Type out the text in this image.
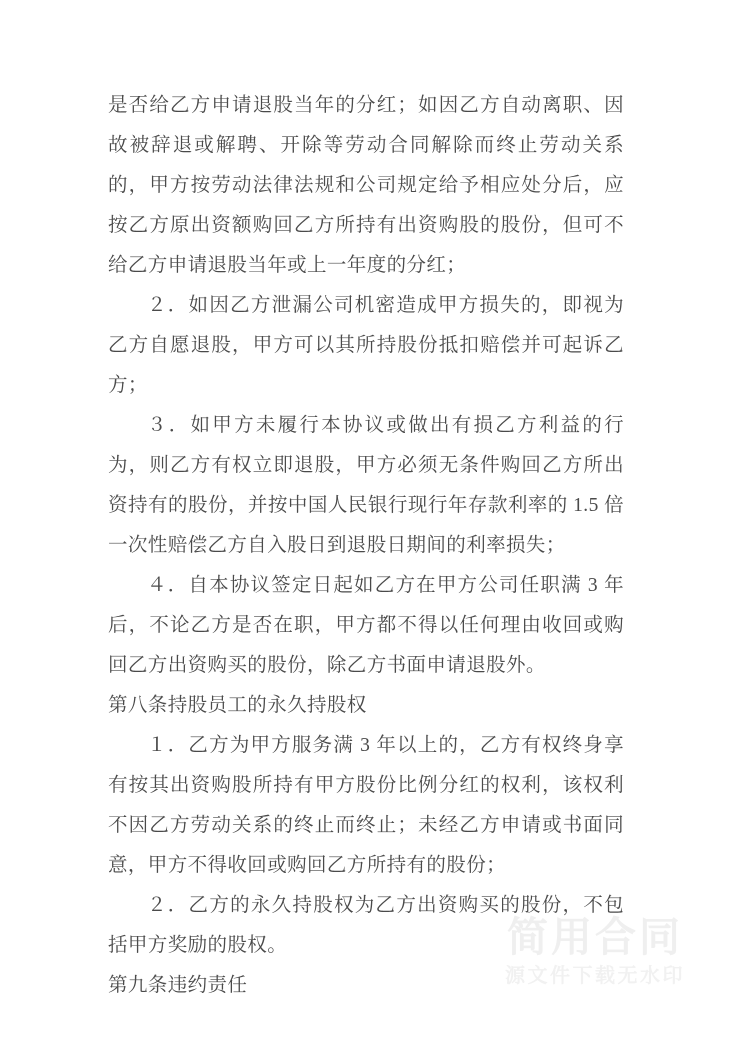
是否给乙方申请退股当年的分红；如因乙方自动离职、因故被辞退或解聘、开除等劳动合同解除而终止劳动关系的，甲方按劳动法律法规和公司规定给予相应处分后，应按乙方原出资额购回乙方所持有出资购股的股份，但可不给乙方申请退股当年或上一年度的分红；

２．如因乙方泄漏公司机密造成甲方损失的，即视为乙方自愿退股，甲方可以其所持股份抵扣赔偿并可起诉乙方；

３．如甲方未履行本协议或做出有损乙方利益的行为，则乙方有权立即退股，甲方必须无条件购回乙方所出资持有的股份，并按中国人民银行现行年存款利率的 1.5 倍一次性赔偿乙方自入股日到退股日期间的利率损失；

４．自本协议签定日起如乙方在甲方公司任职满 3 年后，不论乙方是否在职，甲方都不得以任何理由收回或购回乙方出资购买的股份，除乙方书面申请退股外。

第八条持股员工的永久持股权

１．乙方为甲方服务满 3 年以上的，乙方有权终身享有按其出资购股所持有甲方股份比例分红的权利，该权利不因乙方劳动关系的终止而终止；未经乙方申请或书面同意，甲方不得收回或购回乙方所持有的股份；

２．乙方的永久持股权为乙方出资购买的股份，不包括甲方奖励的股权。

第九条违约责任

简用合同
源文件下载无水印
